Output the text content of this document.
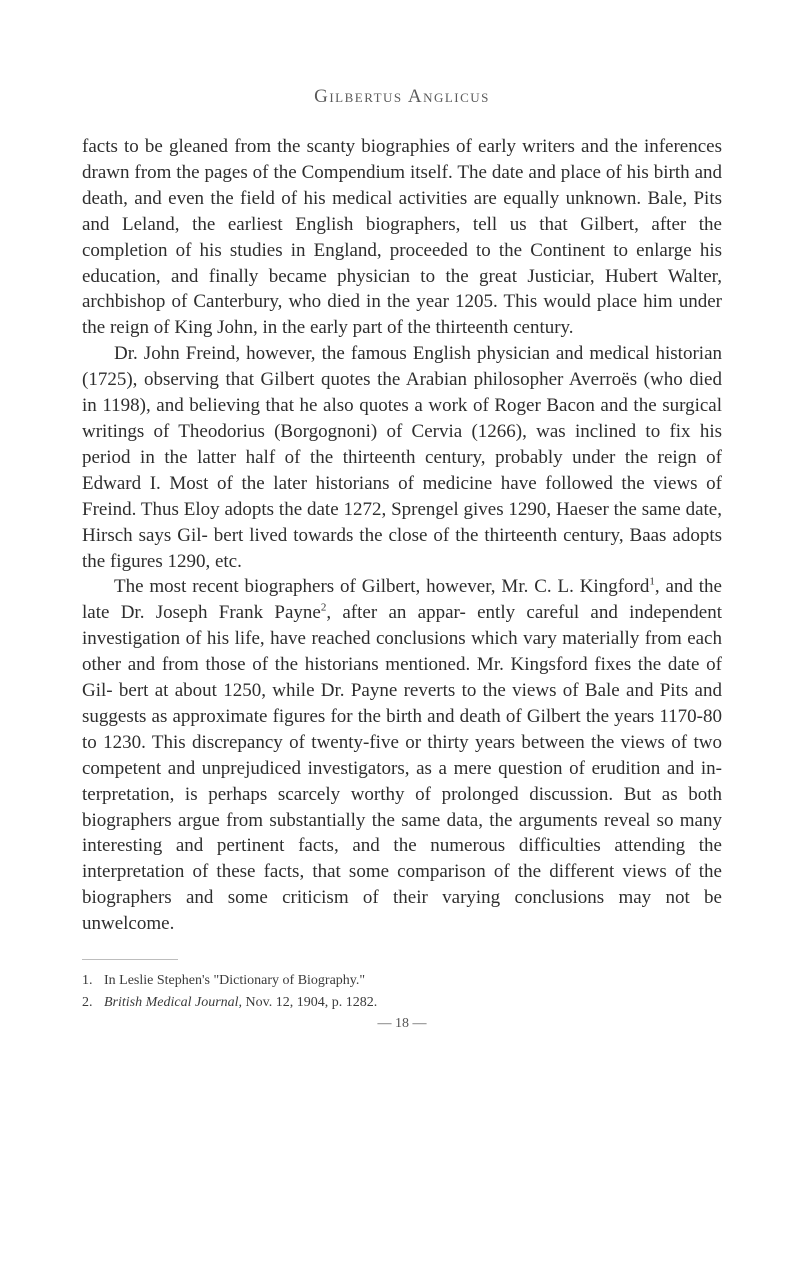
Gilbertus Anglicus

facts to be gleaned from the scanty biographies of early writers and the inferences drawn from the pages of the Compendium itself. The date and place of his birth and death, and even the field of his medical activities are equally unknown. Bale, Pits and Leland, the earliest English biographers, tell us that Gilbert, after the completion of his studies in England, proceeded to the Continent to enlarge his education, and finally became physician to the great Justiciar, Hubert Walter, archbishop of Canterbury, who died in the year 1205. This would place him under the reign of King John, in the early part of the thirteenth century.

Dr. John Freind, however, the famous English physician and medical historian (1725), observing that Gilbert quotes the Arabian philosopher Averroës (who died in 1198), and believing that he also quotes a work of Roger Bacon and the surgical writings of Theodorius (Borgognoni) of Cervia (1266), was inclined to fix his period in the latter half of the thirteenth century, probably under the reign of Edward I. Most of the later historians of medicine have followed the views of Freind. Thus Eloy adopts the date 1272, Sprengel gives 1290, Haeser the same date, Hirsch says Gil- bert lived towards the close of the thirteenth century, Baas adopts the figures 1290, etc.

The most recent biographers of Gilbert, however, Mr. C. L. Kingford$^1$, and the late Dr. Joseph Frank Payne$^2$, after an appar- ently careful and independent investigation of his life, have reached conclusions which vary materially from each other and from those of the historians mentioned. Mr. Kingsford fixes the date of Gil- bert at about 1250, while Dr. Payne reverts to the views of Bale and Pits and suggests as approximate figures for the birth and death of Gilbert the years 1170-80 to 1230. This discrepancy of twenty-five or thirty years between the views of two competent and unprejudiced investigators, as a mere question of erudition and in- terpretation, is perhaps scarcely worthy of prolonged discussion. But as both biographers argue from substantially the same data, the arguments reveal so many interesting and pertinent facts, and the numerous difficulties attending the interpretation of these facts, that some comparison of the different views of the biographers and some criticism of their varying conclusions may not be unwelcome.

1. In Leslie Stephen's "Dictionary of Biography."
2. British Medical Journal, Nov. 12, 1904, p. 1282.
— 18 —
